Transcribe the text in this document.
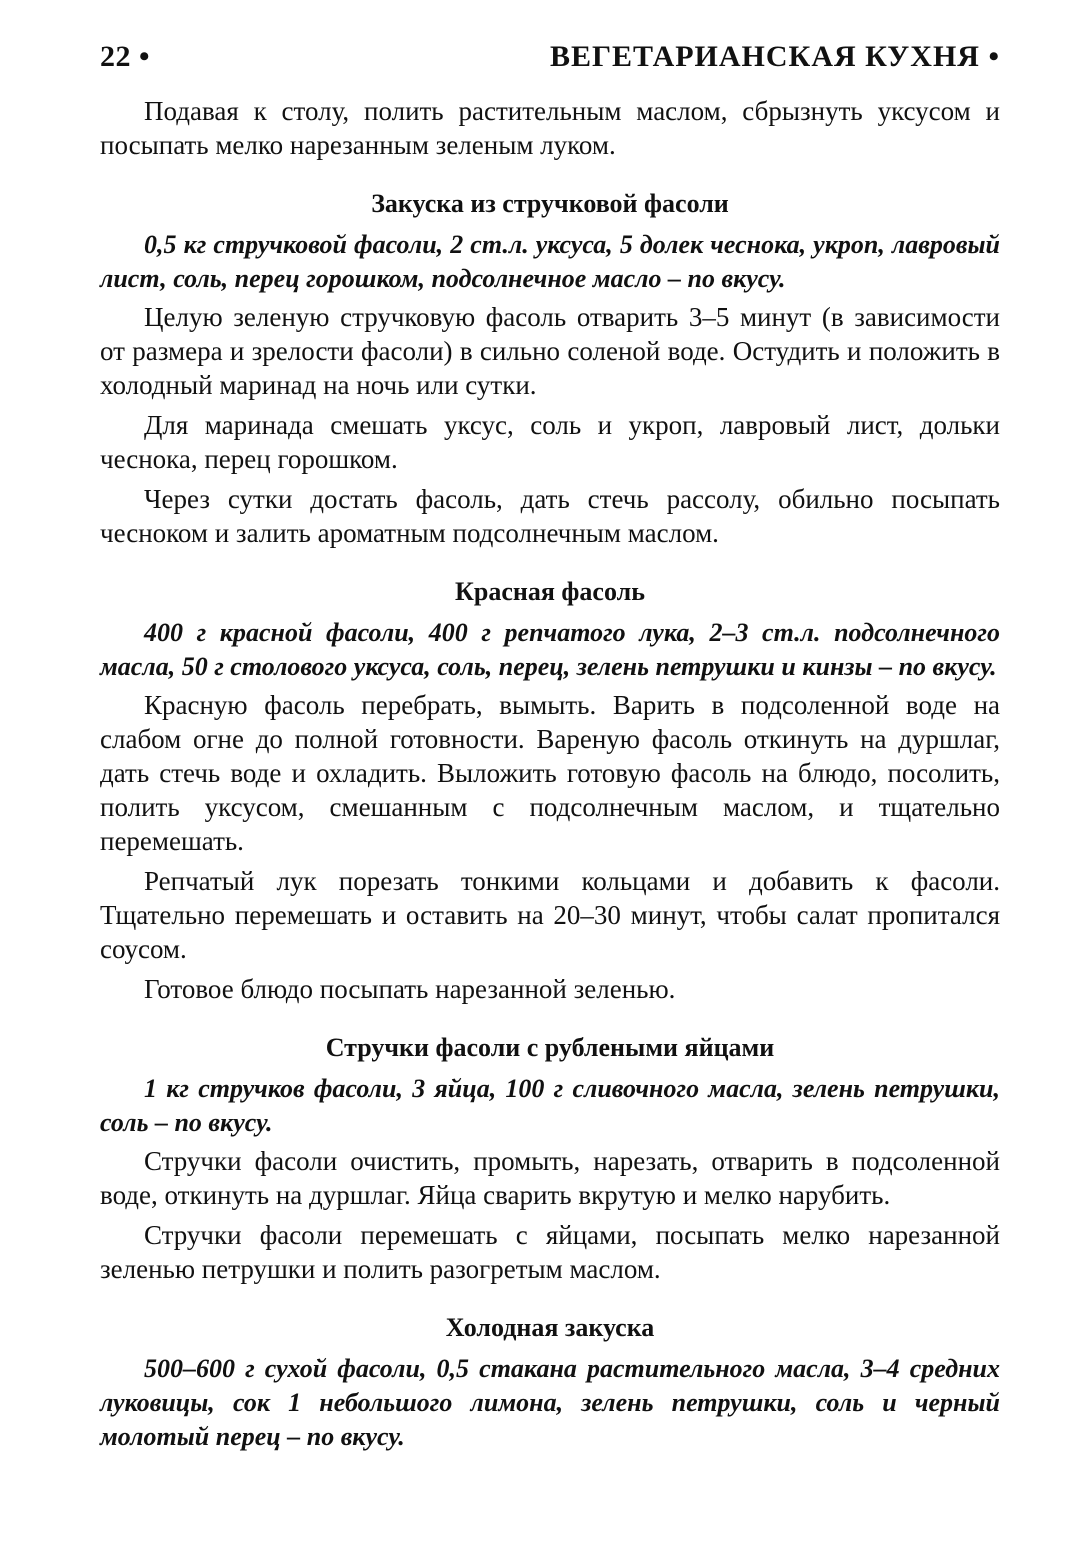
22 •	ВЕГЕТАРИАНСКАЯ КУХНЯ •

Подавая к столу, полить растительным маслом, сбрызнуть уксусом и посыпать мелко нарезанным зеленым луком.

Закуска из стручковой фасоли

0,5 кг стручковой фасоли, 2 ст.л. уксуса, 5 долек чеснока, укроп, лавровый лист, соль, перец горошком, подсолнечное масло – по вкусу.

Целую зеленую стручковую фасоль отварить 3–5 минут (в зависимости от размера и зрелости фасоли) в сильно соленой воде. Остудить и положить в холодный маринад на ночь или сутки.

Для маринада смешать уксус, соль и укроп, лавровый лист, дольки чеснока, перец горошком.

Через сутки достать фасоль, дать стечь рассолу, обильно посыпать чесноком и залить ароматным подсолнечным маслом.

Красная фасоль

400 г красной фасоли, 400 г репчатого лука, 2–3 ст.л. подсолнечного масла, 50 г столового уксуса, соль, перец, зелень петрушки и кинзы – по вкусу.

Красную фасоль перебрать, вымыть. Варить в подсоленной воде на слабом огне до полной готовности. Вареную фасоль откинуть на дуршлаг, дать стечь воде и охладить. Выложить готовую фасоль на блюдо, посолить, полить уксусом, смешанным с подсолнечным маслом, и тщательно перемешать.

Репчатый лук порезать тонкими кольцами и добавить к фасоли. Тщательно перемешать и оставить на 20–30 минут, чтобы салат пропитался соусом.

Готовое блюдо посыпать нарезанной зеленью.

Стручки фасоли с рублеными яйцами

1 кг стручков фасоли, 3 яйца, 100 г сливочного масла, зелень петрушки, соль – по вкусу.

Стручки фасоли очистить, промыть, нарезать, отварить в подсоленной воде, откинуть на дуршлаг. Яйца сварить вкрутую и мелко нарубить.

Стручки фасоли перемешать с яйцами, посыпать мелко нарезанной зеленью петрушки и полить разогретым маслом.

Холодная закуска

500–600 г сухой фасоли, 0,5 стакана растительного масла, 3–4 средних луковицы, сок 1 небольшого лимона, зелень петрушки, соль и черный молотый перец – по вкусу.
